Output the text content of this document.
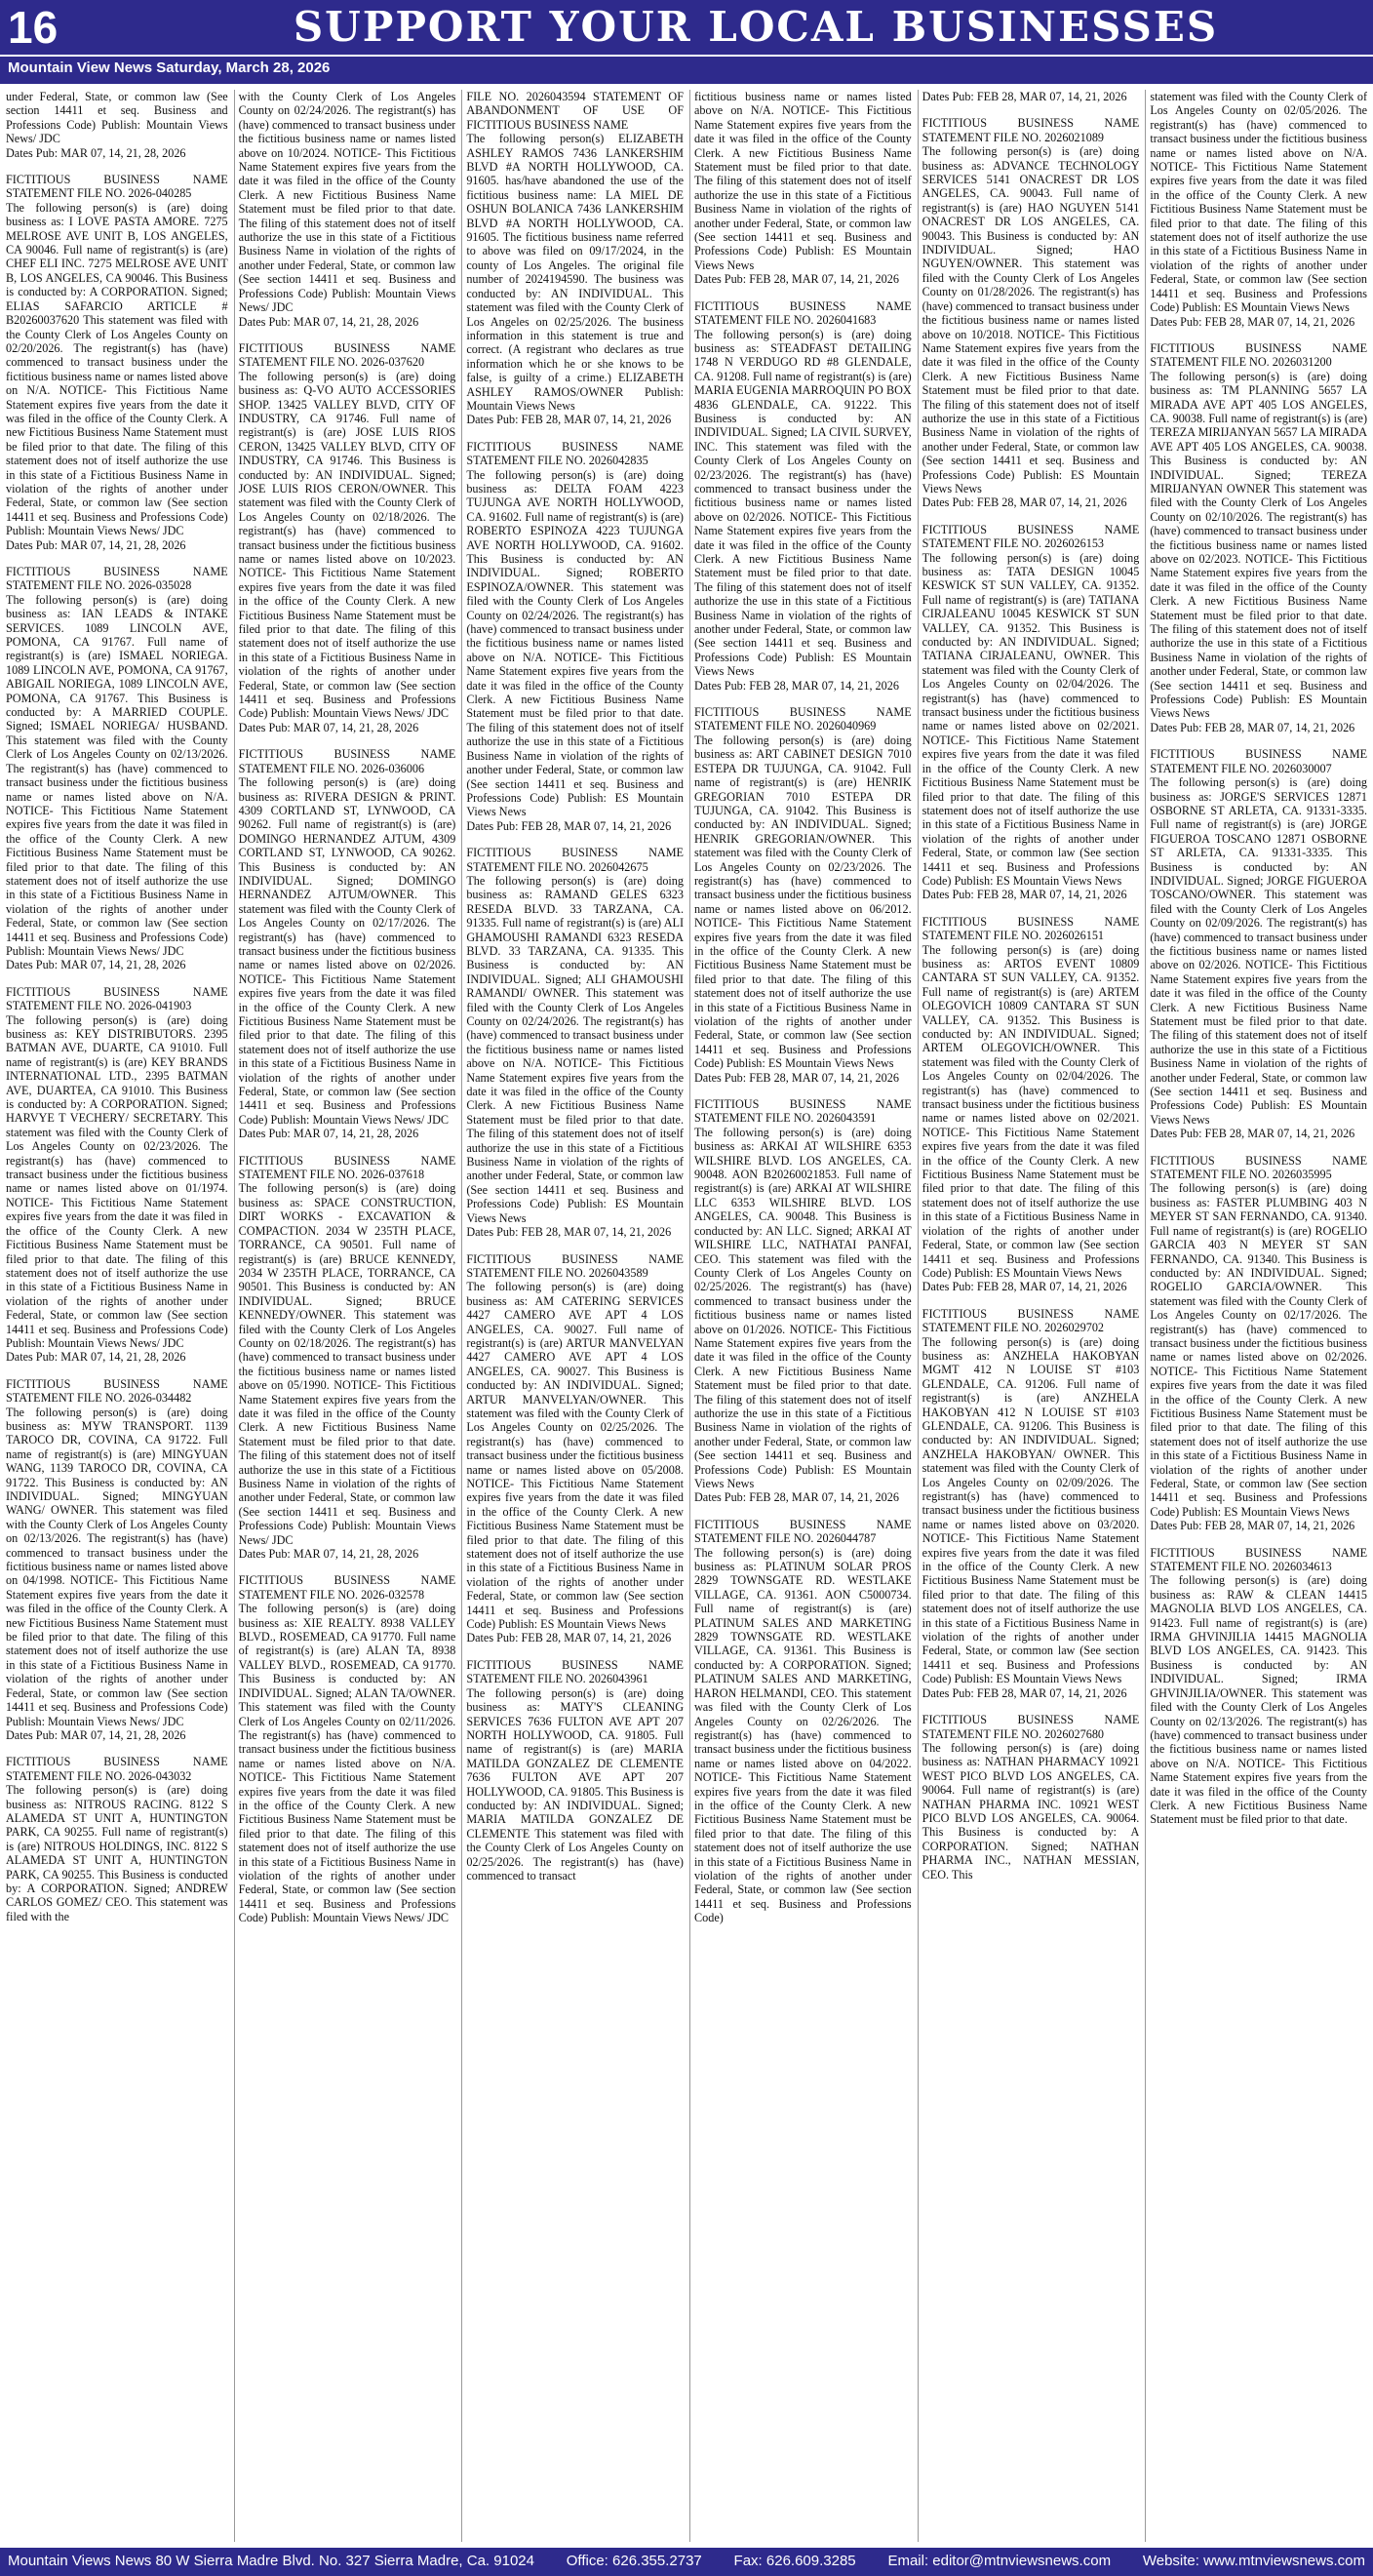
16	SUPPORT YOUR LOCAL BUSINESSES
Mountain View News Saturday, March 28, 2026

under Federal, State, or common law (See section 14411 et seq. Business and Professions Code) Publish: Mountain Views News/ JDC

Dates Pub: MAR 07, 14, 21, 28, 2026

FICTITIOUS BUSINESS NAME STATEMENT FILE NO. 2026-040285

The following person(s) is (are) doing business as: I LOVE PASTA AMORE. 7275 MELROSE AVE UNIT B, LOS ANGELES, CA 90046. Full name of registrant(s) is (are) CHEF ELI INC. 7275 MELROSE AVE UNIT B, LOS ANGELES, CA 90046. This Business is conducted by: A CORPORATION. Signed; ELIAS SAFARCIO ARTICLE # B20260037620 This statement was filed with the County Clerk of Los Angeles County on 02/20/2026. The registrant(s) has (have) commenced to transact business under the fictitious business name or names listed above on N/A. NOTICE- This Fictitious Name Statement expires five years from the date it was filed in the office of the County Clerk. A new Fictitious Business Name Statement must be filed prior to that date. The filing of this statement does not of itself authorize the use in this state of a Fictitious Business Name in violation of the rights of another under Federal, State, or common law (See section 14411 et seq. Business and Professions Code) Publish: Mountain Views News/ JDC

Dates Pub: MAR 07, 14, 21, 28, 2026

FICTITIOUS BUSINESS NAME STATEMENT FILE NO. 2026-035028

The following person(s) is (are) doing business as: IAN LEADS & INTAKE SERVICES. 1089 LINCOLN AVE, POMONA, CA 91767. Full name of registrant(s) is (are) ISMAEL NORIEGA. 1089 LINCOLN AVE, POMONA, CA 91767, ABIGAIL NORIEGA, 1089 LINCOLN AVE, POMONA, CA 91767. This Business is conducted by: A MARRIED COUPLE. Signed; ISMAEL NORIEGA/ HUSBAND. This statement was filed with the County Clerk of Los Angeles County on 02/13/2026. The registrant(s) has (have) commenced to transact business under the fictitious business name or names listed above on N/A. NOTICE- This Fictitious Name Statement expires five years from the date it was filed in the office of the County Clerk. A new Fictitious Business Name Statement must be filed prior to that date. The filing of this statement does not of itself authorize the use in this state of a Fictitious Business Name in violation of the rights of another under Federal, State, or common law (See section 14411 et seq. Business and Professions Code) Publish: Mountain Views News/ JDC

Dates Pub: MAR 07, 14, 21, 28, 2026

FICTITIOUS BUSINESS NAME STATEMENT FILE NO. 2026-041903

The following person(s) is (are) doing business as: KEY DISTRIBUTORS. 2395 BATMAN AVE, DUARTE, CA 91010. Full name of registrant(s) is (are) KEY BRANDS INTERNATIONAL LTD., 2395 BATMAN AVE, DUARTEA, CA 91010. This Business is conducted by: A CORPORATION. Signed; HARVYE T VECHERY/ SECRETARY. This statement was filed with the County Clerk of Los Angeles County on 02/23/2026. The registrant(s) has (have) commenced to transact business under the fictitious business name or names listed above on 01/1974. NOTICE- This Fictitious Name Statement expires five years from the date it was filed in the office of the County Clerk. A new Fictitious Business Name Statement must be filed prior to that date. The filing of this statement does not of itself authorize the use in this state of a Fictitious Business Name in violation of the rights of another under Federal, State, or common law (See section 14411 et seq. Business and Professions Code) Publish: Mountain Views News/ JDC

Dates Pub: MAR 07, 14, 21, 28, 2026

FICTITIOUS BUSINESS NAME STATEMENT FILE NO. 2026-034482

The following person(s) is (are) doing business as: MYW TRANSPORT. 1139 TAROCO DR, COVINA, CA 91722. Full name of registrant(s) is (are) MINGYUAN WANG, 1139 TAROCO DR, COVINA, CA 91722. This Business is conducted by: AN INDIVIDUAL. Signed; MINGYUAN WANG/ OWNER. This statement was filed with the County Clerk of Los Angeles County on 02/13/2026. The registrant(s) has (have) commenced to transact business under the fictitious business name or names listed above on 04/1998. NOTICE- This Fictitious Name Statement expires five years from the date it was filed in the office of the County Clerk. A new Fictitious Business Name Statement must be filed prior to that date. The filing of this statement does not of itself authorize the use in this state of a Fictitious Business Name in violation of the rights of another under Federal, State, or common law (See section 14411 et seq. Business and Professions Code) Publish: Mountain Views News/ JDC

Dates Pub: MAR 07, 14, 21, 28, 2026

FICTITIOUS BUSINESS NAME STATEMENT FILE NO. 2026-043032

The following person(s) is (are) doing business as: NITROUS RACING. 8122 S ALAMEDA ST UNIT A, HUNTINGTON PARK, CA 90255. Full name of registrant(s) is (are) NITROUS HOLDINGS, INC. 8122 S ALAMEDA ST UNIT A, HUNTINGTON PARK, CA 90255. This Business is conducted by: A CORPORATION. Signed; ANDREW CARLOS GOMEZ/ CEO. This statement was filed with the

with the County Clerk of Los Angeles County on 02/24/2026. The registrant(s) has (have) commenced to transact business under the fictitious business name or names listed above on 10/2024. NOTICE- This Fictitious Name Statement expires five years from the date it was filed in the office of the County Clerk. A new Fictitious Business Name Statement must be filed prior to that date. The filing of this statement does not of itself authorize the use in this state of a Fictitious Business Name in violation of the rights of another under Federal, State, or common law (See section 14411 et seq. Business and Professions Code) Publish: Mountain Views News/ JDC

Dates Pub: MAR 07, 14, 21, 28, 2026

FICTITIOUS BUSINESS NAME STATEMENT FILE NO. 2026-037620

The following person(s) is (are) doing business as: Q-VO AUTO ACCESSORIES SHOP. 13425 VALLEY BLVD, CITY OF INDUSTRY, CA 91746. Full name of registrant(s) is (are) JOSE LUIS RIOS CERON, 13425 VALLEY BLVD, CITY OF INDUSTRY, CA 91746. This Business is conducted by: AN INDIVIDUAL. Signed; JOSE LUIS RIOS CERON/OWNER. This statement was filed with the County Clerk of Los Angeles County on 02/18/2026. The registrant(s) has (have) commenced to transact business under the fictitious business name or names listed above on 10/2023. NOTICE- This Fictitious Name Statement expires five years from the date it was filed in the office of the County Clerk. A new Fictitious Business Name Statement must be filed prior to that date. The filing of this statement does not of itself authorize the use in this state of a Fictitious Business Name in violation of the rights of another under Federal, State, or common law (See section 14411 et seq. Business and Professions Code) Publish: Mountain Views News/ JDC

Dates Pub: MAR 07, 14, 21, 28, 2026

FICTITIOUS BUSINESS NAME STATEMENT FILE NO. 2026-036006

The following person(s) is (are) doing business as: RIVERA DESIGN & PRINT. 4309 CORTLAND ST, LYNWOOD, CA 90262. Full name of registrant(s) is (are) DOMINGO HERNANDEZ AJTUM, 4309 CORTLAND ST, LYNWOOD, CA 90262. This Business is conducted by: AN INDIVIDUAL. Signed; DOMINGO HERNANDEZ AJTUM/OWNER. This statement was filed with the County Clerk of Los Angeles County on 02/17/2026. The registrant(s) has (have) commenced to transact business under the fictitious business name or names listed above on 02/2026. NOTICE- This Fictitious Name Statement expires five years from the date it was filed in the office of the County Clerk. A new Fictitious Business Name Statement must be filed prior to that date. The filing of this statement does not of itself authorize the use in this state of a Fictitious Business Name in violation of the rights of another under Federal, State, or common law (See section 14411 et seq. Business and Professions Code) Publish: Mountain Views News/ JDC

Dates Pub: MAR 07, 14, 21, 28, 2026

FICTITIOUS BUSINESS NAME STATEMENT FILE NO. 2026-037618

The following person(s) is (are) doing business as: SPACE CONSTRUCTION, DIRT WORKS - EXCAVATION & COMPACTION. 2034 W 235TH PLACE, TORRANCE, CA 90501. Full name of registrant(s) is (are) BRUCE KENNEDY, 2034 W 235TH PLACE, TORRANCE, CA 90501. This Business is conducted by: AN INDIVIDUAL. Signed; BRUCE KENNEDY/OWNER. This statement was filed with the County Clerk of Los Angeles County on 02/18/2026. The registrant(s) has (have) commenced to transact business under the fictitious business name or names listed above on 05/1990. NOTICE- This Fictitious Name Statement expires five years from the date it was filed in the office of the County Clerk. A new Fictitious Business Name Statement must be filed prior to that date. The filing of this statement does not of itself authorize the use in this state of a Fictitious Business Name in violation of the rights of another under Federal, State, or common law (See section 14411 et seq. Business and Professions Code) Publish: Mountain Views News/ JDC

Dates Pub: MAR 07, 14, 21, 28, 2026

FICTITIOUS BUSINESS NAME STATEMENT FILE NO. 2026-032578

The following person(s) is (are) doing business as: XIE REALTY. 8938 VALLEY BLVD., ROSEMEAD, CA 91770. Full name of registrant(s) is (are) ALAN TA, 8938 VALLEY BLVD., ROSEMEAD, CA 91770. This Business is conducted by: AN INDIVIDUAL. Signed; ALAN TA/OWNER. This statement was filed with the County Clerk of Los Angeles County on 02/11/2026. The registrant(s) has (have) commenced to transact business under the fictitious business name or names listed above on N/A. NOTICE- This Fictitious Name Statement expires five years from the date it was filed in the office of the County Clerk. A new Fictitious Business Name Statement must be filed prior to that date. The filing of this statement does not of itself authorize the use in this state of a Fictitious Business Name in violation of the rights of another under Federal, State, or common law (See section 14411 et seq. Business and Professions Code) Publish: Mountain Views News/ JDC

FILE NO. 2026043594 STATEMENT OF ABANDONMENT OF USE OF FICTITIOUS BUSINESS NAME

The following person(s) ELIZABETH ASHLEY RAMOS 7436 LANKERSHIM BLVD #A NORTH HOLLYWOOD, CA. 91605. has/have abandoned the use of the fictitious business name: LA MIEL DE OSHUN BOLANICA 7436 LANKERSHIM BLVD #A NORTH HOLLYWOOD, CA. 91605. The fictitious business name referred to above was filed on 09/17/2024, in the county of Los Angeles. The original file number of 2024194590. The business was conducted by: AN INDIVIDUAL. This statement was filed with the County Clerk of Los Angeles on 02/25/2026. The business information in this statement is true and correct. (A registrant who declares as true information which he or she knows to be false, is guilty of a crime.) ELIZABETH ASHLEY RAMOS/OWNER Publish: Mountain Views News

Dates Pub: FEB 28, MAR 07, 14, 21, 2026

FICTITIOUS BUSINESS NAME STATEMENT FILE NO. 2026042835

The following person(s) is (are) doing business as: DELTA FOAM 4223 TUJUNGA AVE NORTH HOLLYWOOD, CA. 91602. Full name of registrant(s) is (are) ROBERTO ESPINOZA 4223 TUJUNGA AVE NORTH HOLLYWOOD, CA. 91602. This Business is conducted by: AN INDIVIDUAL. Signed; ROBERTO ESPINOZA/OWNER. This statement was filed with the County Clerk of Los Angeles County on 02/24/2026. The registrant(s) has (have) commenced to transact business under the fictitious business name or names listed above on N/A. NOTICE- This Fictitious Name Statement expires five years from the date it was filed in the office of the County Clerk. A new Fictitious Business Name Statement must be filed prior to that date. The filing of this statement does not of itself authorize the use in this state of a Fictitious Business Name in violation of the rights of another under Federal, State, or common law (See section 14411 et seq. Business and Professions Code) Publish: ES Mountain Views News

Dates Pub: FEB 28, MAR 07, 14, 21, 2026

FICTITIOUS BUSINESS NAME STATEMENT FILE NO. 2026042675

The following person(s) is (are) doing business as: RAMAND GELES 6323 RESEDA BLVD. 33 TARZANA, CA. 91335. Full name of registrant(s) is (are) ALI GHAMOUSHI RAMANDI 6323 RESEDA BLVD. 33 TARZANA, CA. 91335. This Business is conducted by: AN INDIVIDUAL. Signed; ALI GHAMOUSHI RAMANDI/ OWNER. This statement was filed with the County Clerk of Los Angeles County on 02/24/2026. The registrant(s) has (have) commenced to transact business under the fictitious business name or names listed above on N/A. NOTICE- This Fictitious Name Statement expires five years from the date it was filed in the office of the County Clerk. A new Fictitious Business Name Statement must be filed prior to that date. The filing of this statement does not of itself authorize the use in this state of a Fictitious Business Name in violation of the rights of another under Federal, State, or common law (See section 14411 et seq. Business and Professions Code) Publish: ES Mountain Views News

Dates Pub: FEB 28, MAR 07, 14, 21, 2026

FICTITIOUS BUSINESS NAME STATEMENT FILE NO. 2026043589

The following person(s) is (are) doing business as: AM CATERING SERVICES 4427 CAMERO AVE APT 4 LOS ANGELES, CA. 90027. Full name of registrant(s) is (are) ARTUR MANVELYAN 4427 CAMERO AVE APT 4 LOS ANGELES, CA. 90027. This Business is conducted by: AN INDIVIDUAL. Signed; ARTUR MANVELYAN/OWNER. This statement was filed with the County Clerk of Los Angeles County on 02/25/2026. The registrant(s) has (have) commenced to transact business under the fictitious business name or names listed above on 05/2008. NOTICE- This Fictitious Name Statement expires five years from the date it was filed in the office of the County Clerk. A new Fictitious Business Name Statement must be filed prior to that date. The filing of this statement does not of itself authorize the use in this state of a Fictitious Business Name in violation of the rights of another under Federal, State, or common law (See section 14411 et seq. Business and Professions Code) Publish: ES Mountain Views News

Dates Pub: FEB 28, MAR 07, 14, 21, 2026

FICTITIOUS BUSINESS NAME STATEMENT FILE NO. 2026043961

The following person(s) is (are) doing business as: MATY'S CLEANING SERVICES 7636 FULTON AVE APT 207 NORTH HOLLYWOOD, CA. 91805. Full name of registrant(s) is (are) MARIA MATILDA GONZALEZ DE CLEMENTE 7636 FULTON AVE APT 207 HOLLYWOOD, CA. 91805. This Business is conducted by: AN INDIVIDUAL. Signed; MARIA MATILDA GONZALEZ DE CLEMENTE This statement was filed with the County Clerk of Los Angeles County on 02/25/2026. The registrant(s) has (have) commenced to transact

fictitious business name or names listed above on N/A. NOTICE- This Fictitious Name Statement expires five years from the date it was filed in the office of the County Clerk. A new Fictitious Business Name Statement must be filed prior to that date. The filing of this statement does not of itself authorize the use in this state of a Fictitious Business Name in violation of the rights of another under Federal, State, or common law (See section 14411 et seq. Business and Professions Code) Publish: ES Mountain Views News

Dates Pub: FEB 28, MAR 07, 14, 21, 2026

FICTITIOUS BUSINESS NAME STATEMENT FILE NO. 2026041683

The following person(s) is (are) doing business as: STEADFAST DETAILING 1748 N VERDUGO RD #8 GLENDALE, CA. 91208. Full name of registrant(s) is (are) MARIA EUGENIA MARROQUIN PO BOX 4836 GLENDALE, CA. 91222. This Business is conducted by: AN INDIVIDUAL. Signed; LA CIVIL SURVEY, INC. This statement was filed with the County Clerk of Los Angeles County on 02/23/2026. The registrant(s) has (have) commenced to transact business under the fictitious business name or names listed above on 02/2026. NOTICE- This Fictitious Name Statement expires five years from the date it was filed in the office of the County Clerk. A new Fictitious Business Name Statement must be filed prior to that date. The filing of this statement does not of itself authorize the use in this state of a Fictitious Business Name in violation of the rights of another under Federal, State, or common law (See section 14411 et seq. Business and Professions Code) Publish: ES Mountain Views News

Dates Pub: FEB 28, MAR 07, 14, 21, 2026

FICTITIOUS BUSINESS NAME STATEMENT FILE NO. 2026040969

The following person(s) is (are) doing business as: ART CABINET DESIGN 7010 ESTEPA DR TUJUNGA, CA. 91042. Full name of registrant(s) is (are) HENRIK GREGORIAN 7010 ESTEPA DR TUJUNGA, CA. 91042. This Business is conducted by: AN INDIVIDUAL. Signed; HENRIK GREGORIAN/OWNER. This statement was filed with the County Clerk of Los Angeles County on 02/23/2026. The registrant(s) has (have) commenced to transact business under the fictitious business name or names listed above on 06/2012. NOTICE- This Fictitious Name Statement expires five years from the date it was filed in the office of the County Clerk. A new Fictitious Business Name Statement must be filed prior to that date. The filing of this statement does not of itself authorize the use in this state of a Fictitious Business Name in violation of the rights of another under Federal, State, or common law (See section 14411 et seq. Business and Professions Code) Publish: ES Mountain Views News

Dates Pub: FEB 28, MAR 07, 14, 21, 2026

FICTITIOUS BUSINESS NAME STATEMENT FILE NO. 2026043591

The following person(s) is (are) doing business as: ARKAI AT WILSHIRE 6353 WILSHIRE BLVD. LOS ANGELES, CA. 90048. AON B20260021853. Full name of registrant(s) is (are) ARKAI AT WILSHIRE LLC 6353 WILSHIRE BLVD. LOS ANGELES, CA. 90048. This Business is conducted by: AN LLC. Signed; ARKAI AT WILSHIRE LLC, NATHATAI PANFAI, CEO. This statement was filed with the County Clerk of Los Angeles County on 02/25/2026. The registrant(s) has (have) commenced to transact business under the fictitious business name or names listed above on 01/2026. NOTICE- This Fictitious Name Statement expires five years from the date it was filed in the office of the County Clerk. A new Fictitious Business Name Statement must be filed prior to that date. The filing of this statement does not of itself authorize the use in this state of a Fictitious Business Name in violation of the rights of another under Federal, State, or common law (See section 14411 et seq. Business and Professions Code) Publish: ES Mountain Views News

Dates Pub: FEB 28, MAR 07, 14, 21, 2026

FICTITIOUS BUSINESS NAME STATEMENT FILE NO. 2026044787

The following person(s) is (are) doing business as: PLATINUM SOLAR PROS 2829 TOWNSGATE RD. WESTLAKE VILLAGE, CA. 91361. AON C5000734. Full name of registrant(s) is (are) PLATINUM SALES AND MARKETING 2829 TOWNSGATE RD. WESTLAKE VILLAGE, CA. 91361. This Business is conducted by: A CORPORATION. Signed; PLATINUM SALES AND MARKETING, HARON HELMANDI, CEO. This statement was filed with the County Clerk of Los Angeles County on 02/26/2026. The registrant(s) has (have) commenced to transact business under the fictitious business name or names listed above on 04/2022. NOTICE- This Fictitious Name Statement expires five years from the date it was filed in the office of the County Clerk. A new Fictitious Business Name Statement must be filed prior to that date. The filing of this statement does not of itself authorize the use in this state of a Fictitious Business Name in violation of the rights of another under Federal, State, or common law (See section 14411 et seq. Business and Professions Code)

Dates Pub: FEB 28, MAR 07, 14, 21, 2026

FICTITIOUS BUSINESS NAME STATEMENT FILE NO. 2026021089

The following person(s) is (are) doing business as: ADVANCE TECHNOLOGY SERVICES 5141 ONACREST DR LOS ANGELES, CA. 90043. Full name of registrant(s) is (are) HAO NGUYEN 5141 ONACREST DR LOS ANGELES, CA. 90043. This Business is conducted by: AN INDIVIDUAL. Signed; HAO NGUYEN/OWNER. This statement was filed with the County Clerk of Los Angeles County on 01/28/2026. The registrant(s) has (have) commenced to transact business under the fictitious business name or names listed above on 10/2018. NOTICE- This Fictitious Name Statement expires five years from the date it was filed in the office of the County Clerk. A new Fictitious Business Name Statement must be filed prior to that date. The filing of this statement does not of itself authorize the use in this state of a Fictitious Business Name in violation of the rights of another under Federal, State, or common law (See section 14411 et seq. Business and Professions Code) Publish: ES Mountain Views News

Dates Pub: FEB 28, MAR 07, 14, 21, 2026

FICTITIOUS BUSINESS NAME STATEMENT FILE NO. 2026026153

The following person(s) is (are) doing business as: TATA DESIGN 10045 KESWICK ST SUN VALLEY, CA. 91352. Full name of registrant(s) is (are) TATIANA CIRJALEANU 10045 KESWICK ST SUN VALLEY, CA. 91352. This Business is conducted by: AN INDIVIDUAL. Signed; TATIANA CIRJALEANU, OWNER. This statement was filed with the County Clerk of Los Angeles County on 02/04/2026. The registrant(s) has (have) commenced to transact business under the fictitious business name or names listed above on 02/2021. NOTICE- This Fictitious Name Statement expires five years from the date it was filed in the office of the County Clerk. A new Fictitious Business Name Statement must be filed prior to that date. The filing of this statement does not of itself authorize the use in this state of a Fictitious Business Name in violation of the rights of another under Federal, State, or common law (See section 14411 et seq. Business and Professions Code) Publish: ES Mountain Views News

Dates Pub: FEB 28, MAR 07, 14, 21, 2026

FICTITIOUS BUSINESS NAME STATEMENT FILE NO. 2026026151

The following person(s) is (are) doing business as: ARTOS EVENT 10809 CANTARA ST SUN VALLEY, CA. 91352. Full name of registrant(s) is (are) ARTEM OLEGOVICH 10809 CANTARA ST SUN VALLEY, CA. 91352. This Business is conducted by: AN INDIVIDUAL. Signed; ARTEM OLEGOVICH/OWNER. This statement was filed with the County Clerk of Los Angeles County on 02/04/2026. The registrant(s) has (have) commenced to transact business under the fictitious business name or names listed above on 02/2021. NOTICE- This Fictitious Name Statement expires five years from the date it was filed in the office of the County Clerk. A new Fictitious Business Name Statement must be filed prior to that date. The filing of this statement does not of itself authorize the use in this state of a Fictitious Business Name in violation of the rights of another under Federal, State, or common law (See section 14411 et seq. Business and Professions Code) Publish: ES Mountain Views News

Dates Pub: FEB 28, MAR 07, 14, 21, 2026

FICTITIOUS BUSINESS NAME STATEMENT FILE NO. 2026029702

The following person(s) is (are) doing business as: ANZHELA HAKOBYAN MGMT 412 N LOUISE ST #103 GLENDALE, CA. 91206. Full name of registrant(s) is (are) ANZHELA HAKOBYAN 412 N LOUISE ST #103 GLENDALE, CA. 91206. This Business is conducted by: AN INDIVIDUAL. Signed; ANZHELA HAKOBYAN/ OWNER. This statement was filed with the County Clerk of Los Angeles County on 02/09/2026. The registrant(s) has (have) commenced to transact business under the fictitious business name or names listed above on 03/2020. NOTICE- This Fictitious Name Statement expires five years from the date it was filed in the office of the County Clerk. A new Fictitious Business Name Statement must be filed prior to that date. The filing of this statement does not of itself authorize the use in this state of a Fictitious Business Name in violation of the rights of another under Federal, State, or common law (See section 14411 et seq. Business and Professions Code) Publish: ES Mountain Views News

Dates Pub: FEB 28, MAR 07, 14, 21, 2026

FICTITIOUS BUSINESS NAME STATEMENT FILE NO. 2026027680

The following person(s) is (are) doing business as: NATHAN PHARMACY 10921 WEST PICO BLVD LOS ANGELES, CA. 90064. Full name of registrant(s) is (are) NATHAN PHARMA INC. 10921 WEST PICO BLVD LOS ANGELES, CA. 90064. This Business is conducted by: A CORPORATION. Signed; NATHAN PHARMA INC., NATHAN MESSIAN, CEO. This

statement was filed with the County Clerk of Los Angeles County on 02/05/2026. The registrant(s) has (have) commenced to transact business under the fictitious business name or names listed above on N/A. NOTICE- This Fictitious Name Statement expires five years from the date it was filed in the office of the County Clerk. A new Fictitious Business Name Statement must be filed prior to that date. The filing of this statement does not of itself authorize the use in this state of a Fictitious Business Name in violation of the rights of another under Federal, State, or common law (See section 14411 et seq. Business and Professions Code) Publish: ES Mountain Views News

Dates Pub: FEB 28, MAR 07, 14, 21, 2026

FICTITIOUS BUSINESS NAME STATEMENT FILE NO. 2026031200

The following person(s) is (are) doing business as: TM PLANNING 5657 LA MIRADA AVE APT 405 LOS ANGELES, CA. 90038. Full name of registrant(s) is (are) TEREZA MIRIJANYAN 5657 LA MIRADA AVE APT 405 LOS ANGELES, CA. 90038. This Business is conducted by: AN INDIVIDUAL. Signed; TEREZA MIRIJANYAN OWNER This statement was filed with the County Clerk of Los Angeles County on 02/10/2026. The registrant(s) has (have) commenced to transact business under the fictitious business name or names listed above on 02/2023. NOTICE- This Fictitious Name Statement expires five years from the date it was filed in the office of the County Clerk. A new Fictitious Business Name Statement must be filed prior to that date. The filing of this statement does not of itself authorize the use in this state of a Fictitious Business Name in violation of the rights of another under Federal, State, or common law (See section 14411 et seq. Business and Professions Code) Publish: ES Mountain Views News

Dates Pub: FEB 28, MAR 07, 14, 21, 2026

FICTITIOUS BUSINESS NAME STATEMENT FILE NO. 2026030007

The following person(s) is (are) doing business as: JORGE'S SERVICES 12871 OSBORNE ST ARLETA, CA. 91331-3335. Full name of registrant(s) is (are) JORGE FIGUEROA TOSCANO 12871 OSBORNE ST ARLETA, CA. 91331-3335. This Business is conducted by: AN INDIVIDUAL. Signed; JORGE FIGUEROA TOSCANO/OWNER. This statement was filed with the County Clerk of Los Angeles County on 02/09/2026. The registrant(s) has (have) commenced to transact business under the fictitious business name or names listed above on 02/2026. NOTICE- This Fictitious Name Statement expires five years from the date it was filed in the office of the County Clerk. A new Fictitious Business Name Statement must be filed prior to that date. The filing of this statement does not of itself authorize the use in this state of a Fictitious Business Name in violation of the rights of another under Federal, State, or common law (See section 14411 et seq. Business and Professions Code) Publish: ES Mountain Views News

Dates Pub: FEB 28, MAR 07, 14, 21, 2026

FICTITIOUS BUSINESS NAME STATEMENT FILE NO. 2026035995

The following person(s) is (are) doing business as: FASTER PLUMBING 403 N MEYER ST SAN FERNANDO, CA. 91340. Full name of registrant(s) is (are) ROGELIO GARCIA 403 N MEYER ST SAN FERNANDO, CA. 91340. This Business is conducted by: AN INDIVIDUAL. Signed; ROGELIO GARCIA/OWNER. This statement was filed with the County Clerk of Los Angeles County on 02/17/2026. The registrant(s) has (have) commenced to transact business under the fictitious business name or names listed above on 02/2026. NOTICE- This Fictitious Name Statement expires five years from the date it was filed in the office of the County Clerk. A new Fictitious Business Name Statement must be filed prior to that date. The filing of this statement does not of itself authorize the use in this state of a Fictitious Business Name in violation of the rights of another under Federal, State, or common law (See section 14411 et seq. Business and Professions Code) Publish: ES Mountain Views News

Dates Pub: FEB 28, MAR 07, 14, 21, 2026

FICTITIOUS BUSINESS NAME STATEMENT FILE NO. 2026034613

The following person(s) is (are) doing business as: RAW & CLEAN 14415 MAGNOLIA BLVD LOS ANGELES, CA. 91423. Full name of registrant(s) is (are) IRMA GHVINJILIA 14415 MAGNOLIA BLVD LOS ANGELES, CA. 91423. This Business is conducted by: AN INDIVIDUAL. Signed; IRMA GHVINJILIA/OWNER. This statement was filed with the County Clerk of Los Angeles County on 02/13/2026. The registrant(s) has (have) commenced to transact business under the fictitious business name or names listed above on N/A. NOTICE- This Fictitious Name Statement expires five years from the date it was filed in the office of the County Clerk. A new Fictitious Business Name Statement must be filed prior to that date.

Mountain Views News 80 W Sierra Madre Blvd. No. 327 Sierra Madre, Ca. 91024 Office: 626.355.2737 Fax: 626.609.3285 Email: editor@mtnviewsnews.com Website: www.mtnviewsnews.com
